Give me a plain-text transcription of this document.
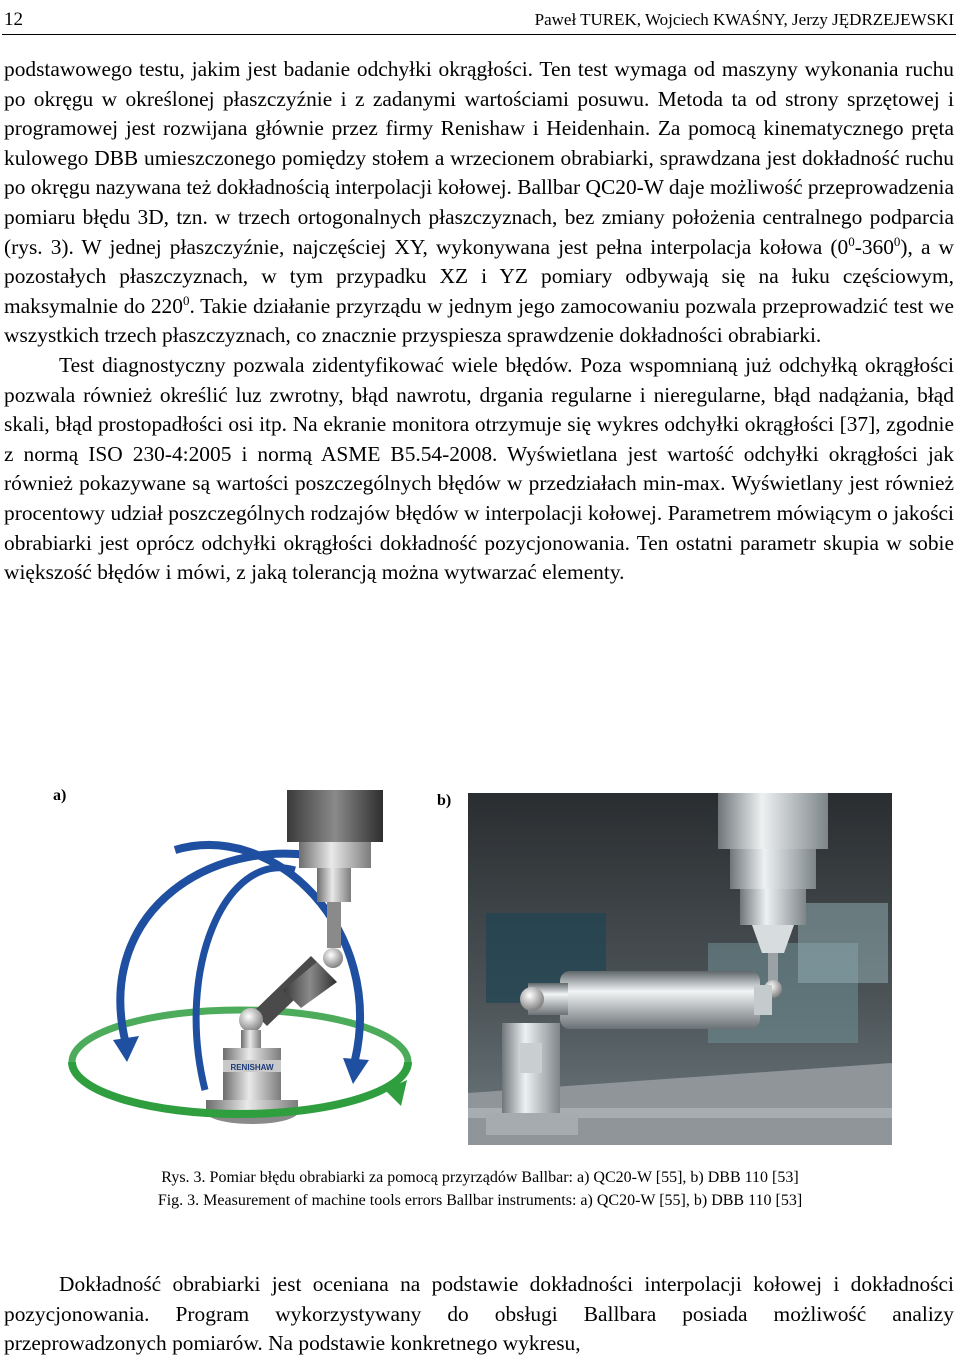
12	Paweł TUREK, Wojciech KWAŚNY, Jerzy JĘDRZEJEWSKI

podstawowego testu, jakim jest badanie odchyłki okrągłości. Ten test wymaga od maszyny wykonania ruchu po okręgu w określonej płaszczyźnie i z zadanymi wartościami posuwu. Metoda ta od strony sprzętowej i programowej jest rozwijana głównie przez firmy Renishaw i Heidenhain. Za pomocą kinematycznego pręta kulowego DBB umieszczonego pomiędzy stołem a wrzecionem obrabiarki, sprawdzana jest dokładność ruchu po okręgu nazywana też dokładnością interpolacji kołowej. Ballbar QC20-W daje możliwość przeprowadzenia pomiaru błędu 3D, tzn. w trzech ortogonalnych płaszczyznach, bez zmiany położenia centralnego podparcia (rys. 3). W jednej płaszczyźnie, najczęściej XY, wykonywana jest pełna interpolacja kołowa $(0^0-360^0)$, a w pozostałych płaszczyznach, w tym przypadku XZ i YZ pomiary odbywają się na łuku częściowym, maksymalnie do $220^0$. Takie działanie przyrządu w jednym jego zamocowaniu pozwala przeprowadzić test we wszystkich trzech płaszczyznach, co znacznie przyspiesza sprawdzenie dokładności obrabiarki.

Test diagnostyczny pozwala zidentyfikować wiele błędów. Poza wspomnianą już odchyłką okrągłości pozwala również określić luz zwrotny, błąd nawrotu, drgania regularne i nieregularne, błąd nadążania, błąd skali, błąd prostopadłości osi itp. Na ekranie monitora otrzymuje się wykres odchyłki okrągłości [37], zgodnie z normą ISO 230-4:2005 i normą ASME B5.54-2008. Wyświetlana jest wartość odchyłki okrągłości jak również pokazywane są wartości poszczególnych błędów w przedziałach min-max. Wyświetlany jest również procentowy udział poszczególnych rodzajów błędów w interpolacji kołowej. Parametrem mówiącym o jakości obrabiarki jest oprócz odchyłki okrągłości dokładność pozycjonowania. Ten ostatni parametr skupia w sobie większość błędów i mówi, z jaką tolerancją można wytwarzać elementy.

a)	b)
RENISHAW
Rys. 3. Pomiar błędu obrabiarki za pomocą przyrządów Ballbar: a) QC20-W [55], b) DBB 110 [53]
Fig. 3. Measurement of machine tools errors Ballbar instruments: a) QC20-W [55], b) DBB 110 [53]

Dokładność obrabiarki jest oceniana na podstawie dokładności interpolacji kołowej i dokładności pozycjonowania. Program wykorzystywany do obsługi Ballbara posiada możliwość analizy przeprowadzonych pomiarów. Na podstawie konkretnego wykresu,
